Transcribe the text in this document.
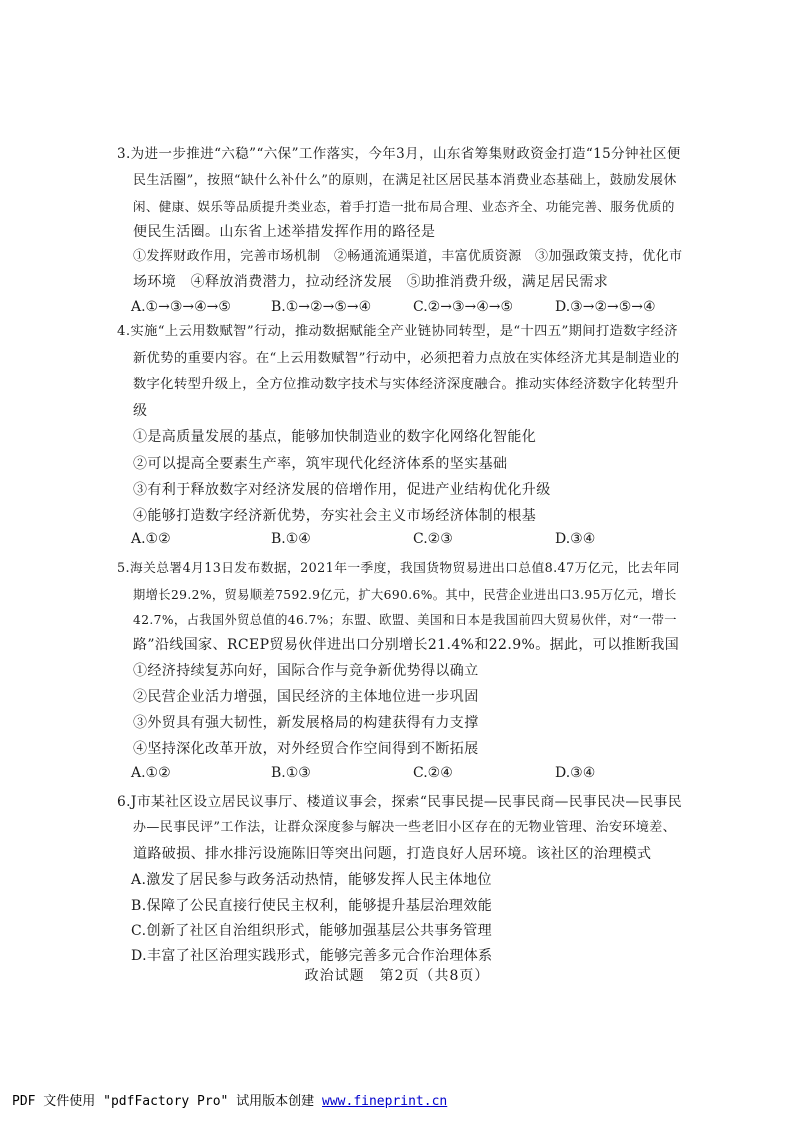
3.为进一步推进“六稳”“六保”工作落实，今年3月，山东省筹集财政资金打造“15分钟社区便
民生活圈”，按照“缺什么补什么”的原则，在满足社区居民基本消费业态基础上，鼓励发展休
闲、健康、娱乐等品质提升类业态，着手打造一批布局合理、业态齐全、功能完善、服务优质的
便民生活圈。山东省上述举措发挥作用的路径是
①发挥财政作用，完善市场机制　②畅通流通渠道，丰富优质资源　③加强政策支持，优化市
场环境　④释放消费潜力，拉动经济发展　⑤助推消费升级，满足居民需求
A.①→③→④→⑤	B.①→②→⑤→④	C.②→③→④→⑤	D.③→②→⑤→④
4.实施“上云用数赋智”行动，推动数据赋能全产业链协同转型，是“十四五”期间打造数字经济
新优势的重要内容。在“上云用数赋智”行动中，必须把着力点放在实体经济尤其是制造业的
数字化转型升级上，全方位推动数字技术与实体经济深度融合。推动实体经济数字化转型升
级
①是高质量发展的基点，能够加快制造业的数字化网络化智能化
②可以提高全要素生产率，筑牢现代化经济体系的坚实基础
③有利于释放数字对经济发展的倍增作用，促进产业结构优化升级
④能够打造数字经济新优势，夯实社会主义市场经济体制的根基
A.①②	B.①④	C.②③	D.③④
5.海关总署4月13日发布数据，2021年一季度，我国货物贸易进出口总值8.47万亿元，比去年同
期增长29.2%，贸易顺差7592.9亿元，扩大690.6%。其中，民营企业进出口3.95万亿元，增长
42.7%，占我国外贸总值的46.7%；东盟、欧盟、美国和日本是我国前四大贸易伙伴，对“一带一
路”沿线国家、RCEP贸易伙伴进出口分别增长21.4%和22.9%。据此，可以推断我国
①经济持续复苏向好，国际合作与竞争新优势得以确立
②民营企业活力增强，国民经济的主体地位进一步巩固
③外贸具有强大韧性，新发展格局的构建获得有力支撑
④坚持深化改革开放，对外经贸合作空间得到不断拓展
A.①②	B.①③	C.②④	D.③④
6.J市某社区设立居民议事厅、楼道议事会，探索“民事民提—民事民商—民事民决—民事民
办—民事民评”工作法，让群众深度参与解决一些老旧小区存在的无物业管理、治安环境差、
道路破损、排水排污设施陈旧等突出问题，打造良好人居环境。该社区的治理模式
A.激发了居民参与政务活动热情，能够发挥人民主体地位
B.保障了公民直接行使民主权利，能够提升基层治理效能
C.创新了社区自治组织形式，能够加强基层公共事务管理
D.丰富了社区治理实践形式，能够完善多元合作治理体系
政治试题　第2页（共8页）
PDF 文件使用 "pdfFactory Pro" 试用版本创建 www.fineprint.cn
